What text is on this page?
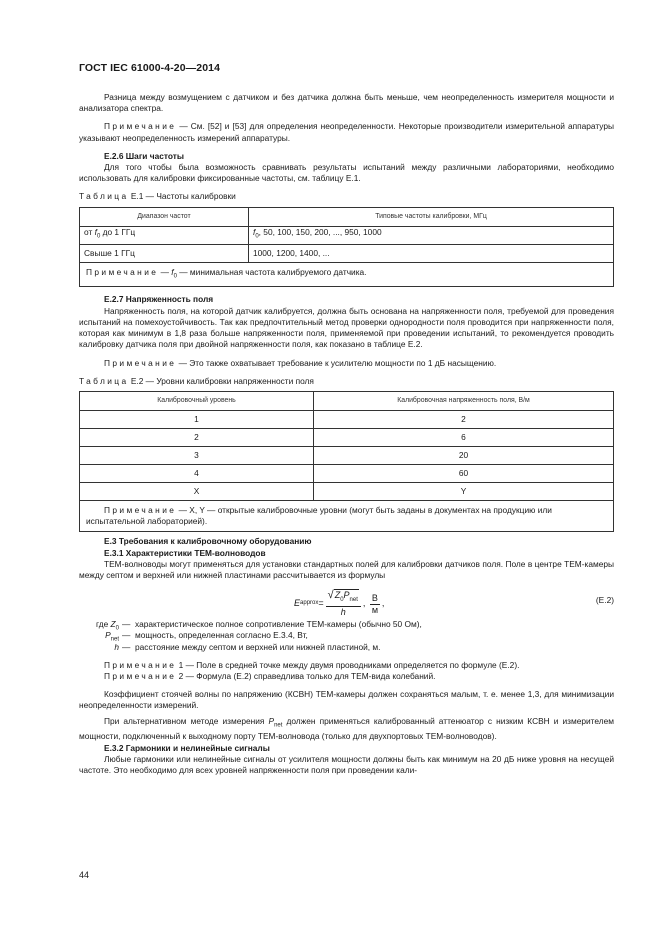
ГОСТ IEC 61000-4-20—2014

Разница между возмущением с датчиком и без датчика должна быть меньше, чем неопределенность измерителя мощности и анализатора спектра.

Примечание — См. [52] и [53] для определения неопределенности. Некоторые производители измерительной аппаратуры указывают неопределенность измерений аппаратуры.

E.2.6 Шаги частоты

Для того чтобы была возможность сравнивать результаты испытаний между различными лабораториями, необходимо использовать для калибровки фиксированные частоты, см. таблицу Е.1.

Таблица Е.1 — Частоты калибровки
Диапазон частот	Типовые частоты калибровки, МГц
от $f_0$ до 1 ГГц	$f_0$, 50, 100, 150, 200, ..., 950, 1000
Свыше 1 ГГц	1000, 1200, 1400, ...
Примечание — $f_0$ — минимальная частота калибруемого датчика.	
E.2.7 Напряженность поля

Напряженность поля, на которой датчик калибруется, должна быть основана на напряженности поля, требуемой для проведения испытаний на помехоустойчивость. Так как предпочтительный метод проверки однородности поля проводится при напряженности поля, которая как минимум в 1,8 раза больше напряженности поля, применяемой при проведении испытаний, то рекомендуется проводить калибровку датчика поля при двойной напряженности поля, как показано в таблице Е.2.

Примечание — Это также охватывает требование к усилителю мощности по 1 дБ насыщению.

Таблица Е.2 — Уровни калибровки напряженности поля
Калибровочный уровень	Калибровочная напряженность поля, В/м
1	2
2	6
3	20
4	60
X	Y
Примечание — X, Y — открытые калибровочные уровни (могут быть заданы в документах на продукцию или испытательной лабораторией).	
Е.3 Требования к калибровочному оборудованию
Е.3.1 Характеристики ТЕМ-волноводов

ТЕМ-волноводы могут применяться для установки стандартных полей для калибровки датчиков поля. Поле в центре ТЕМ-камеры между септом и верхней или нижней пластинами рассчитывается из формулы

E approx = $\frac{√Z_0P_{net}}{h}$ , $\frac{В}{м}$ ,	(Е.2)
где $Z_0$ — характеристическое полное сопротивление ТЕМ-камеры (обычно 50 Ом),
$P_{net}$ — мощность, определенная согласно Е.3.4, Вт,
h — расстояние между септом и верхней или нижней пластиной, м.

Примечание 1 — Поле в средней точке между двумя проводниками определяется по формуле (Е.2).

Примечание 2 — Формула (Е.2) справедлива только для ТЕМ-вида колебаний.

Коэффициент стоячей волны по напряжению (КСВН) ТЕМ-камеры должен сохраняться малым, т. е. менее 1,3, для минимизации неопределенности измерений.

При альтернативном методе измерения $P_{net}$ должен применяться калиброванный аттенюатор с низким КСВН и измерителем мощности, подключенный к выходному порту ТЕМ-волновода (только для двухпортовых ТЕМ-волноводов).

Е.3.2 Гармоники и нелинейные сигналы

Любые гармоники или нелинейные сигналы от усилителя мощности должны быть как минимум на 20 дБ ниже уровня на несущей частоте. Это необходимо для всех уровней напряженности поля при проведении кали-

44
